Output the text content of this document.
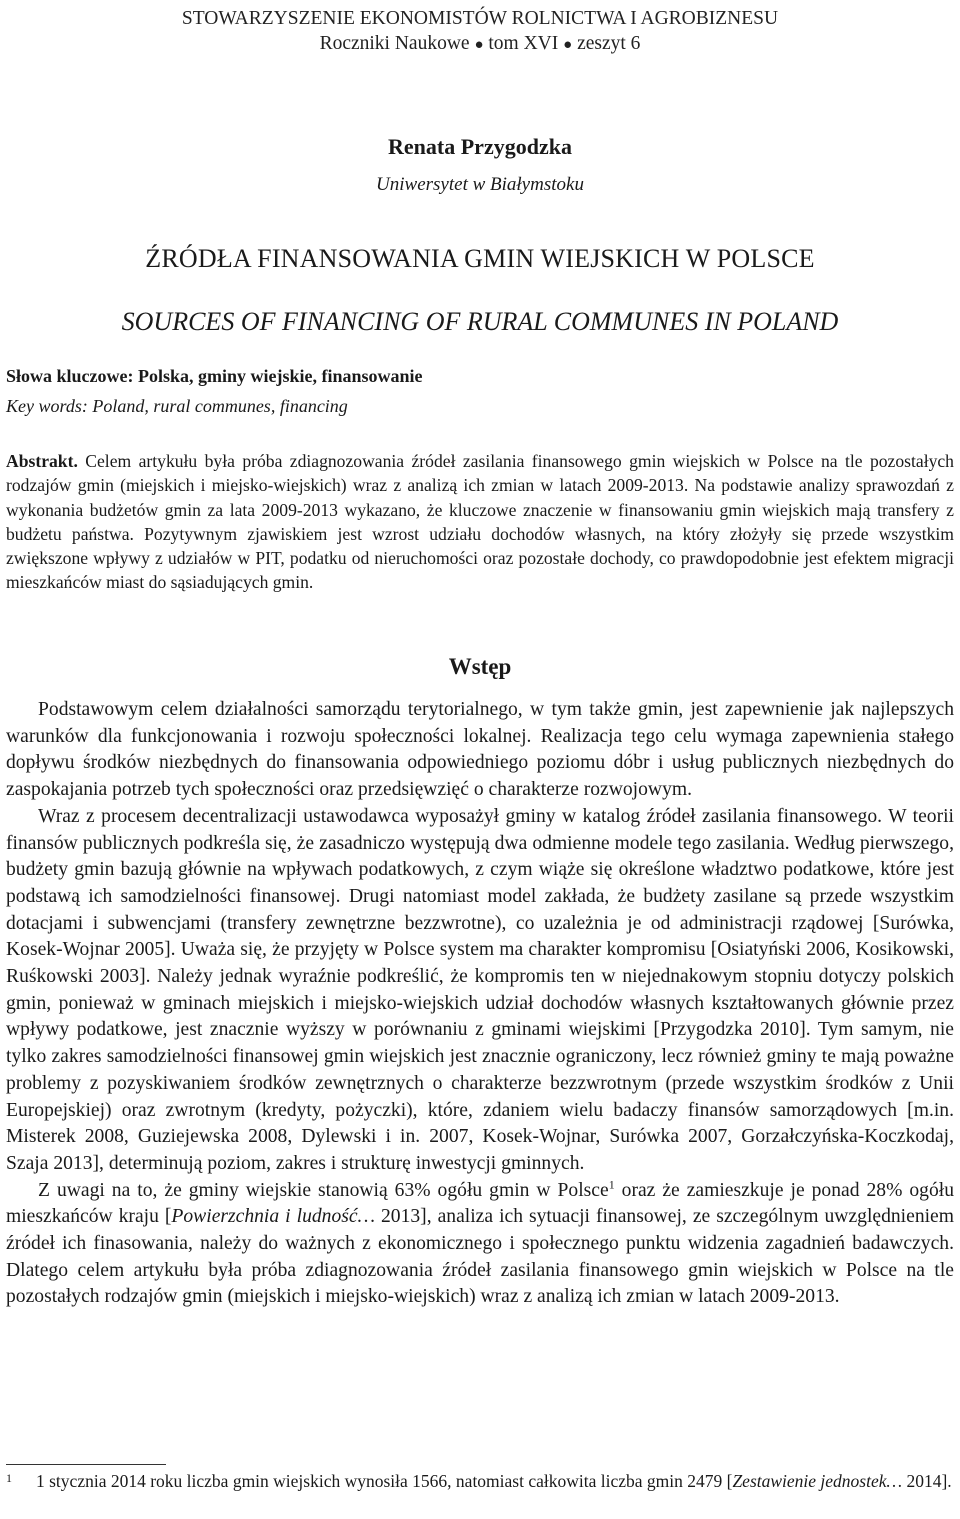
STOWARZYSZENIE EKONOMISTÓW ROLNICTWA I AGROBIZNESU
Roczniki Naukowe ● tom XVI ● zeszyt 6
Renata Przygodzka
Uniwersytet w Białymstoku
ŹRÓDŁA FINANSOWANIA GMIN WIEJSKICH W POLSCE
SOURCES OF FINANCING OF RURAL COMMUNES IN POLAND
Słowa kluczowe: Polska, gminy wiejskie, finansowanie
Key words: Poland, rural communes, financing
Abstrakt. Celem artykułu była próba zdiagnozowania źródeł zasilania finansowego gmin wiejskich w Polsce na tle pozostałych rodzajów gmin (miejskich i miejsko-wiejskich) wraz z analizą ich zmian w latach 2009-2013. Na podstawie analizy sprawozdań z wykonania budżetów gmin za lata 2009-2013 wykazano, że kluczowe znaczenie w finansowaniu gmin wiejskich mają transfery z budżetu państwa. Pozytywnym zjawiskiem jest wzrost udziału dochodów własnych, na który złożyły się przede wszystkim zwiększone wpływy z udziałów w PIT, podatku od nieruchomości oraz pozostałe dochody, co prawdopodobnie jest efektem migracji mieszkańców miast do sąsiadujących gmin.
Wstęp

Podstawowym celem działalności samorządu terytorialnego, w tym także gmin, jest zapewnienie jak najlepszych warunków dla funkcjonowania i rozwoju społeczności lokalnej. Realizacja tego celu wymaga zapewnienia stałego dopływu środków niezbędnych do finansowania odpowiedniego poziomu dóbr i usług publicznych niezbędnych do zaspokajania potrzeb tych społeczności oraz przedsięwzięć o charakterze rozwojowym.

Wraz z procesem decentralizacji ustawodawca wyposażył gminy w katalog źródeł zasilania finansowego. W teorii finansów publicznych podkreśla się, że zasadniczo występują dwa odmienne modele tego zasilania. Według pierwszego, budżety gmin bazują głównie na wpływach podatkowych, z czym wiąże się określone władztwo podatkowe, które jest podstawą ich samodzielności finansowej. Drugi natomiast model zakłada, że budżety zasilane są przede wszystkim dotacjami i subwencjami (transfery zewnętrzne bezzwrotne), co uzależnia je od administracji rządowej [Surówka, Kosek-Wojnar 2005]. Uważa się, że przyjęty w Polsce system ma charakter kompromisu [Osiatyński 2006, Kosikowski, Ruśkowski 2003]. Należy jednak wyraźnie podkreślić, że kompromis ten w niejednakowym stopniu dotyczy polskich gmin, ponieważ w gminach miejskich i miejsko-wiejskich udział dochodów własnych kształtowanych głównie przez wpływy podatkowe, jest znacznie wyższy w porównaniu z gminami wiejskimi [Przygodzka 2010]. Tym samym, nie tylko zakres samodzielności finansowej gmin wiejskich jest znacznie ograniczony, lecz również gminy te mają poważne problemy z pozyskiwaniem środków zewnętrznych o charakterze bezzwrotnym (przede wszystkim środków z Unii Europejskiej) oraz zwrotnym (kredyty, pożyczki), które, zdaniem wielu badaczy finansów samorządowych [m.in. Misterek 2008, Guziejewska 2008, Dylewski i in. 2007, Kosek-Wojnar, Surówka 2007, Gorzałczyńska-Koczkodaj, Szaja 2013], determinują poziom, zakres i strukturę inwestycji gminnych.

Z uwagi na to, że gminy wiejskie stanowią 63% ogółu gmin w Polsce$^1$ oraz że zamieszkuje je ponad 28% ogółu mieszkańców kraju [Powierzchnia i ludność… 2013], analiza ich sytuacji finansowej, ze szczególnym uwzględnieniem źródeł ich finasowania, należy do ważnych z ekonomicznego i społecznego punktu widzenia zagadnień badawczych. Dlatego celem artykułu była próba zdiagnozowania źródeł zasilania finansowego gmin wiejskich w Polsce na tle pozostałych rodzajów gmin (miejskich i miejsko-wiejskich) wraz z analizą ich zmian w latach 2009-2013.

1	1 stycznia 2014 roku liczba gmin wiejskich wynosiła 1566, natomiast całkowita liczba gmin 2479 [Zestawienie jednostek… 2014].
